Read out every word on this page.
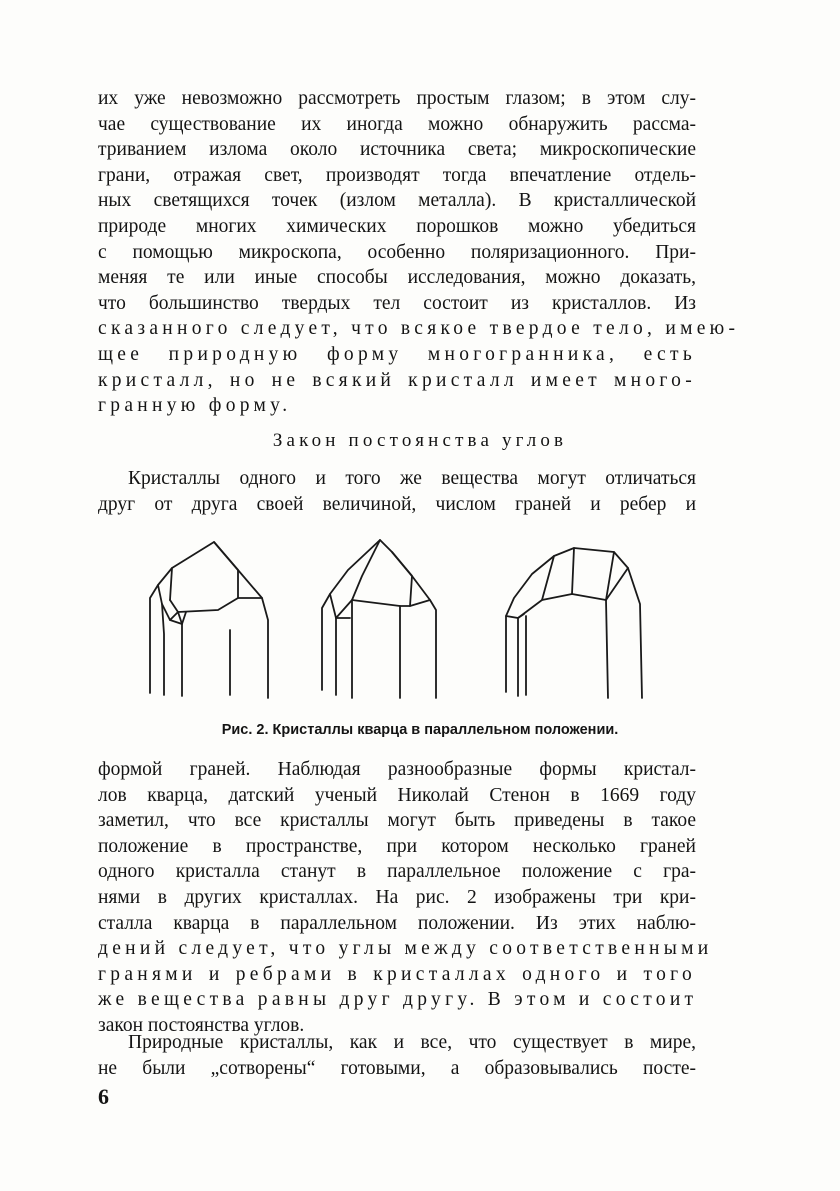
их уже невозможно рассмотреть простым глазом; в этом слу-
чае существование их иногда можно обнаружить рассма-
триванием излома около источника света; микроскопические
грани, отражая свет, производят тогда впечатление отдель-
ных светящихся точек (излом металла). В кристаллической
природе многих химических порошков можно убедиться
с помощью микроскопа, особенно поляризационного. При-
меняя те или иные способы исследования, можно доказать,
что большинство твердых тел состоит из кристаллов. Из
сказанного следует, что всякое твердое тело, имею-
щее природную форму многогранника, есть
кристалл, но не всякий кристалл имеет много-
гранную форму.
Закон постоянства углов
Кристаллы одного и того же вещества могут отличаться
друг от друга своей величиной, числом граней и ребер и
Рис. 2. Кристаллы кварца в параллельном положении.
формой граней. Наблюдая разнообразные формы кристал-
лов кварца, датский ученый Николай Стенон в 1669 году
заметил, что все кристаллы могут быть приведены в такое
положение в пространстве, при котором несколько граней
одного кристалла станут в параллельное положение с гра-
нями в других кристаллах. На рис. 2 изображены три кри-
сталла кварца в параллельном положении. Из этих наблю-
дений следует, что углы между соответственными
гранями и ребрами в кристаллах одного и того
же вещества равны друг другу. В этом и состоит
закон постоянства углов.
Природные кристаллы, как и все, что существует в мире,
не были „сотворены“ готовыми, а образовывались посте-
6
